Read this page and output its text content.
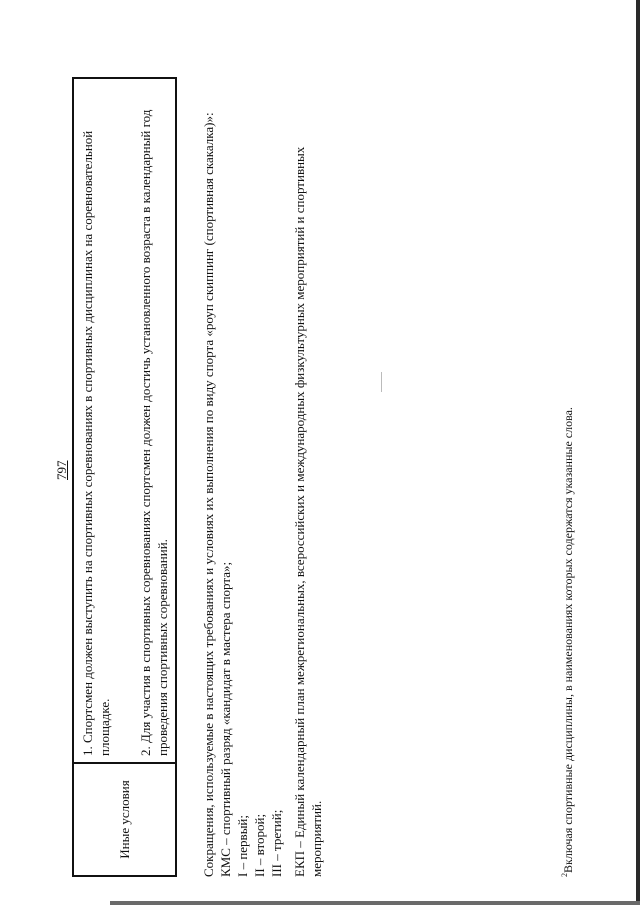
797
Иные условия	

1. Спортсмен должен выступить на спортивных соревнованиях в спортивных дисциплинах на соревновательной площадке. 2. Для участия в спортивных соревнованиях спортсмен должен достичь установленного возраста в календарный год проведения спортивных соревнований. Сокращения, используемые в настоящих требованиях и условиях их выполнения по виду спорта «роуп скиппинг (спортивная скакалка)»: КМС – спортивный разряд «кандидат в мастера спорта»; I – первый; II – второй; III – третий; ЕКП – Единый календарный план межрегиональных, всероссийских и международных физкультурных мероприятий и спортивных мероприятий.	$^2$Включая спортивные дисциплины, в наименованиях которых содержатся указанные слова.
